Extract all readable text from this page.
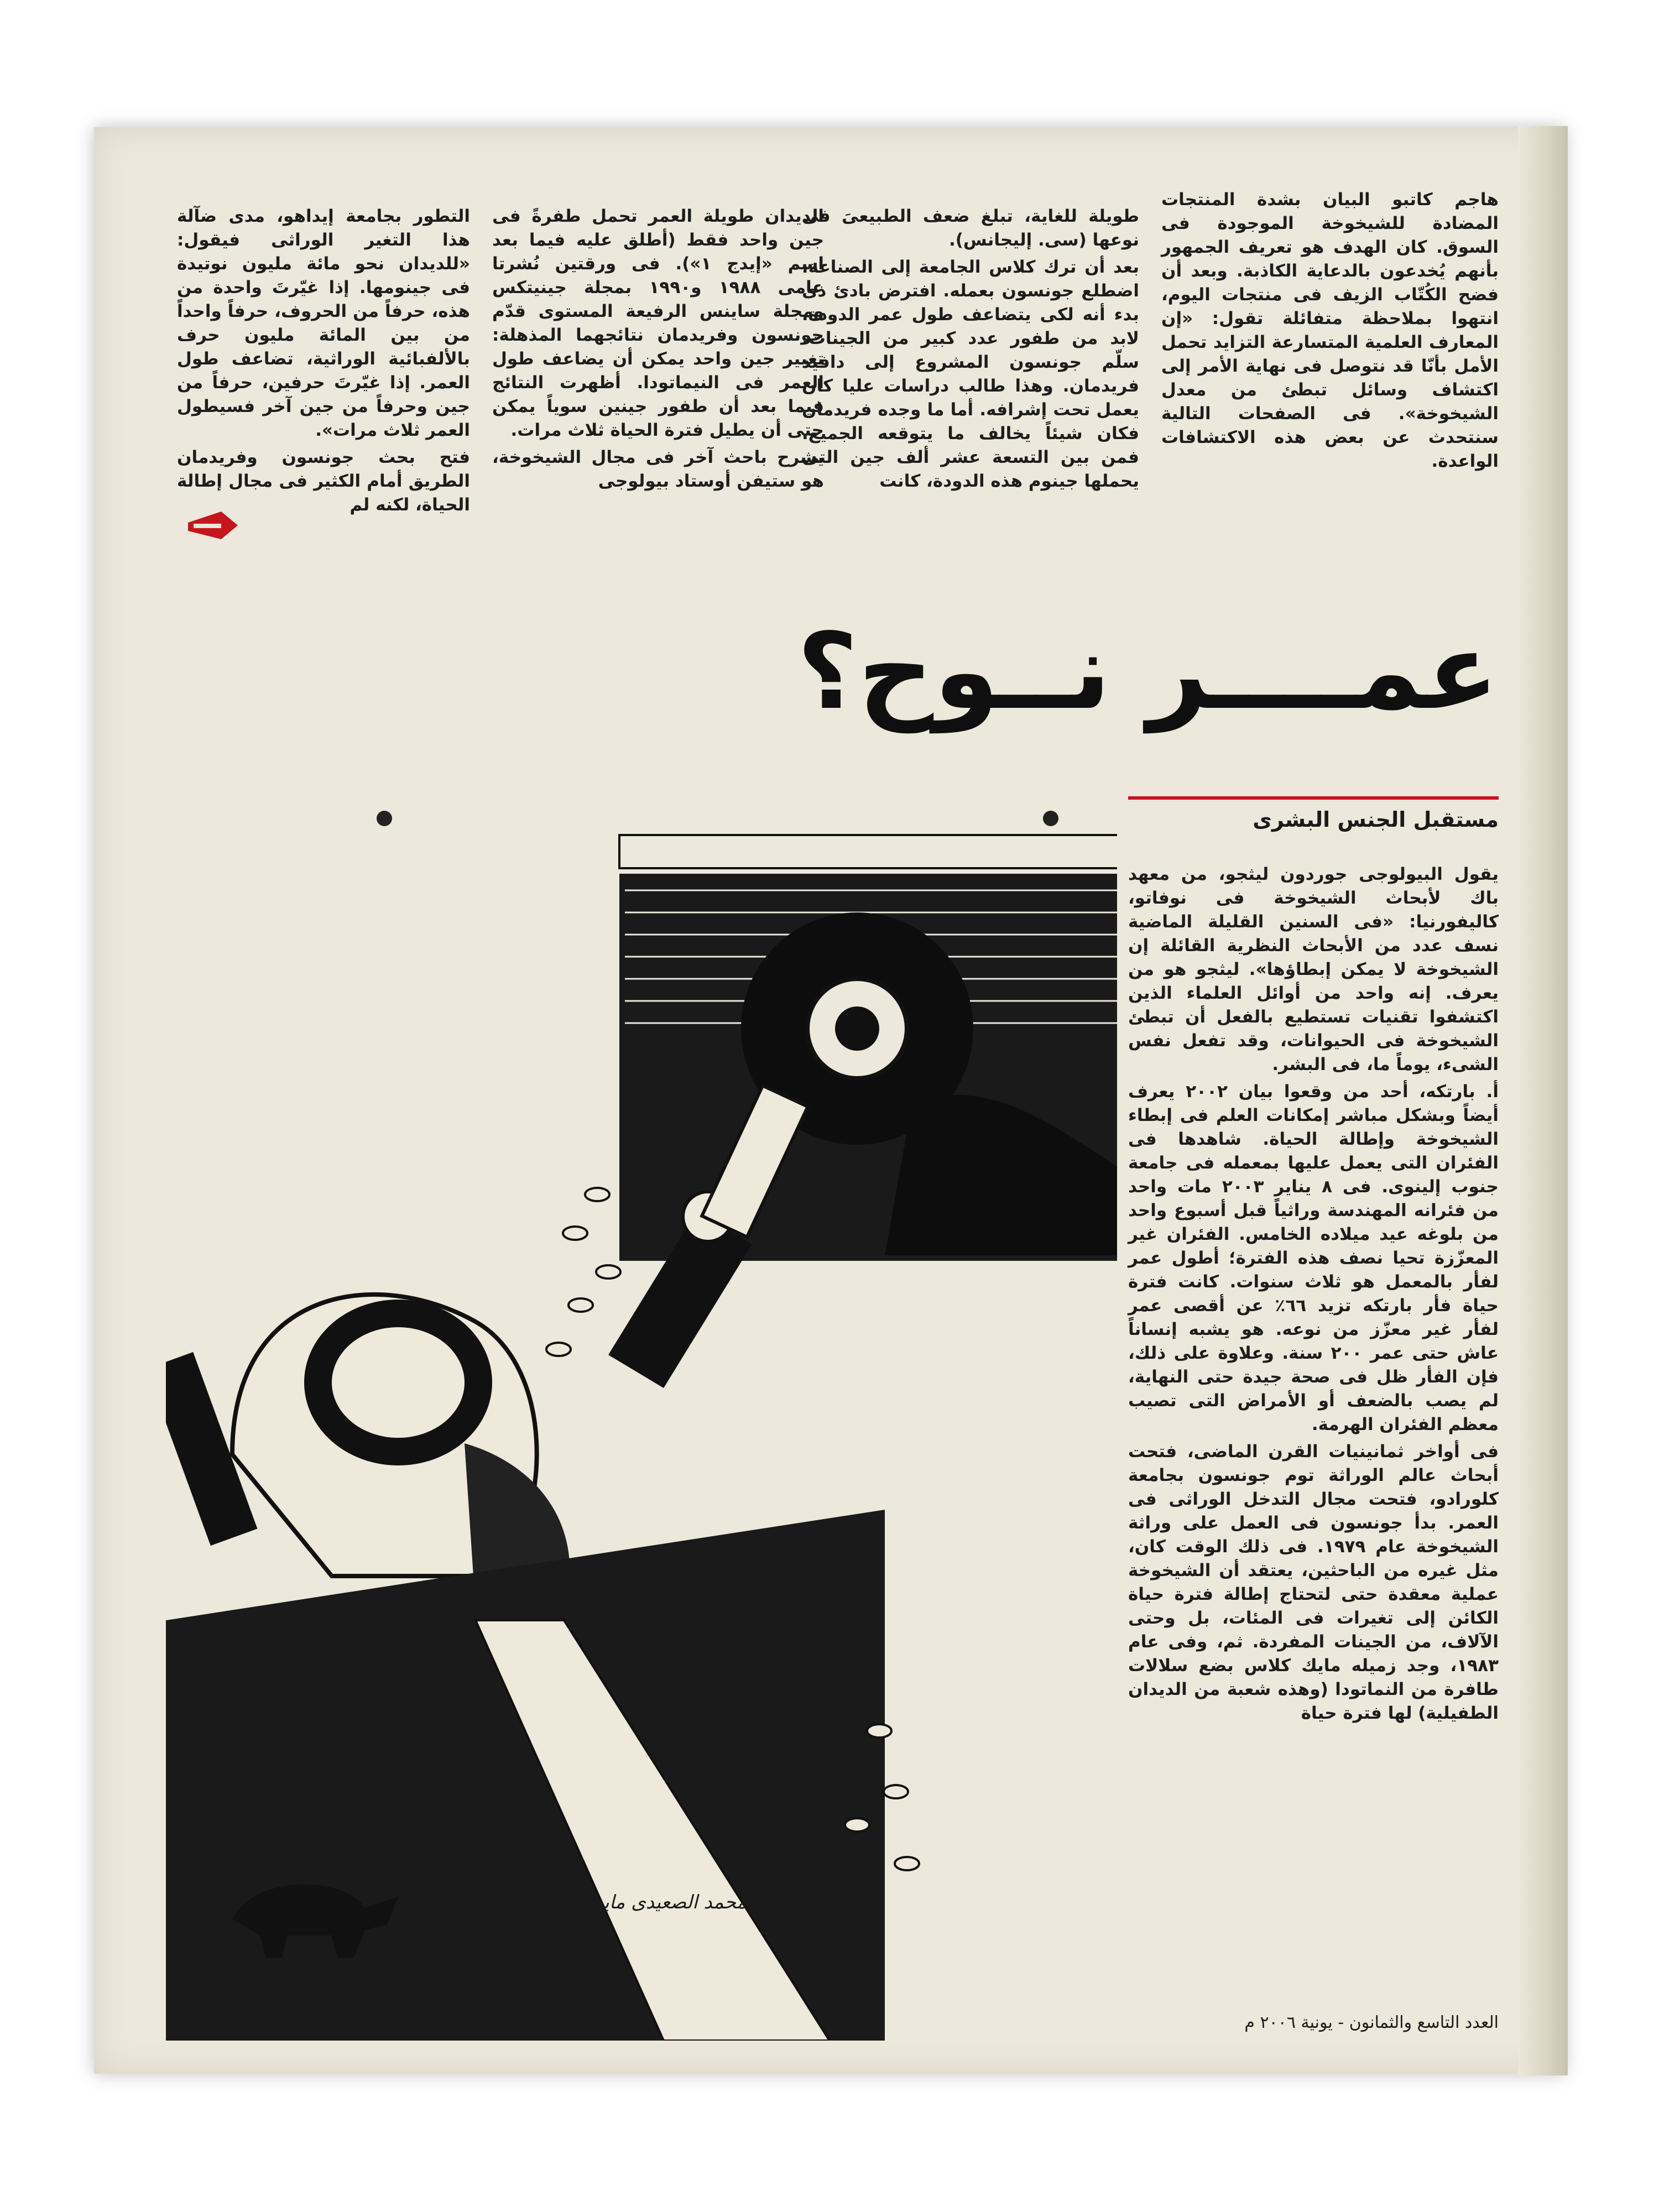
هاجم كاتبو البيان بشدة المنتجات المضادة للشيخوخة الموجودة فى السوق. كان الهدف هو تعريف الجمهور بأنهم يُخدعون بالدعاية الكاذبة. وبعد أن فضح الكُتّاب الزيف فى منتجات اليوم، انتهوا بملاحظة متفائلة تقول: «إن المعارف العلمية المتسارعة التزايد تحمل الأمل بأنّا قد نتوصل فى نهاية الأمر إلى اكتشاف وسائل تبطئ من معدل الشيخوخة». فى الصفحات التالية سنتحدث عن بعض هذه الاكتشافات الواعدة.

طويلة للغاية، تبلغ ضعف الطبيعىَ فى نوعها (سى. إليجانس).

بعد أن ترك كلاس الجامعة إلى الصناعة، اضطلع جونسون بعمله. افترض بادئ ذى بدء أنه لكى يتضاعف طول عمر الدودة، لابد من طفور عدد كبير من الجينات. سلّم جونسون المشروع إلى دافيد فريدمان. وهذا طالب دراسات عليا كان يعمل تحت إشرافه. أما ما وجده فريدمان فكان شيئاً يخالف ما يتوقعه الجميع. فمن بين التسعة عشر ألف جين التى يحملها جينوم هذه الدودة، كانت

الديدان طويلة العمر تحمل طفرةً فى جين واحد فقط (أطلق عليه فيما بعد اسم «إيدج ١»). فى ورقتين نُشرتا عامى ١٩٨٨ و١٩٩٠ بمجلة جينيتكس ومجلة ساينس الرفيعة المستوى قدّم جونسون وفريدمان نتائجهما المذهلة: تغيير جين واحد يمكن أن يضاعف طول العمر فى النيماتودا. أظهرت النتائج فيما بعد أن طفور جينين سوياً يمكن حتى أن يطيل فترة الحياة ثلاث مرات.

يشرح باحث آخر فى مجال الشيخوخة، هو ستيفن أوستاد بيولوجى

التطور بجامعة إيداهو، مدى ضآلة هذا التغير الوراثى فيقول: «للديدان نحو مائة مليون نوتيدة فى جينومها. إذا غيّرتَ واحدة من هذه، حرفاً من الحروف، حرفاً واحداً من بين المائة مليون حرف بالألفبائية الوراثية، تضاعف طول العمر. إذا غيّرتَ حرفين، حرفاً من جين وحرفاً من جين آخر فسيطول العمر ثلاث مرات».

فتح بحث جونسون وفريدمان الطريق أمام الكثير فى مجال إطالة الحياة، لكنه لم

عمــــر نــوح؟
مستقبل الجنس البشرى

يقول البيولوجى جوردون ليثجو، من معهد باك لأبحاث الشيخوخة فى نوفاتو، كاليفورنيا: «فى السنين القليلة الماضية نسف عدد من الأبحاث النظرية القائلة إن الشيخوخة لا يمكن إبطاؤها». ليثجو هو من يعرف. إنه واحد من أوائل العلماء الذين اكتشفوا تقنيات تستطيع بالفعل أن تبطئ الشيخوخة فى الحيوانات، وقد تفعل نفس الشىء، يوماً ما، فى البشر.

أ. بارتكه، أحد من وقعوا بيان ٢٠٠٢ يعرف أيضاً وبشكل مباشر إمكانات العلم فى إبطاء الشيخوخة وإطالة الحياة. شاهدها فى الفئران التى يعمل عليها بمعمله فى جامعة جنوب إلينوى. فى ٨ يناير ٢٠٠٣ مات واحد من فئرانه المهندسة وراثياً قبل أسبوع واحد من بلوغه عيد ميلاده الخامس. الفئران غير المعزّزة تحيا نصف هذه الفترة؛ أطول عمر لفأر بالمعمل هو ثلاث سنوات. كانت فترة حياة فأر بارتكه تزيد ٦٦٪ عن أقصى عمر لفأر غير معزّز من نوعه. هو يشبه إنساناً عاش حتى عمر ٢٠٠ سنة. وعلاوة على ذلك، فإن الفأر ظل فى صحة جيدة حتى النهاية، لم يصب بالضعف أو الأمراض التى تصيب معظم الفئران الهرمة.

فى أواخر ثمانينيات القرن الماضى، فتحت أبحاث عالم الوراثة توم جونسون بجامعة كلورادو، فتحت مجال التدخل الوراثى فى العمر. بدأ جونسون فى العمل على وراثة الشيخوخة عام ١٩٧٩. فى ذلك الوقت كان، مثل غيره من الباحثين، يعتقد أن الشيخوخة عملية معقدة حتى لتحتاج إطالة فترة حياة الكائن إلى تغيرات فى المئات، بل وحتى الآلاف، من الجينات المفردة. ثم، وفى عام ١٩٨٣، وجد زميله مايك كلاس بضع سلالات طافرة من النماتودا (وهذه شعبة من الديدان الطفيلية) لها فترة حياة

محمد الصعيدى مايو ٢٠٠٦
١٥	وجهات نظر
العدد التاسع والثمانون - يونية ٢٠٠٦ م
